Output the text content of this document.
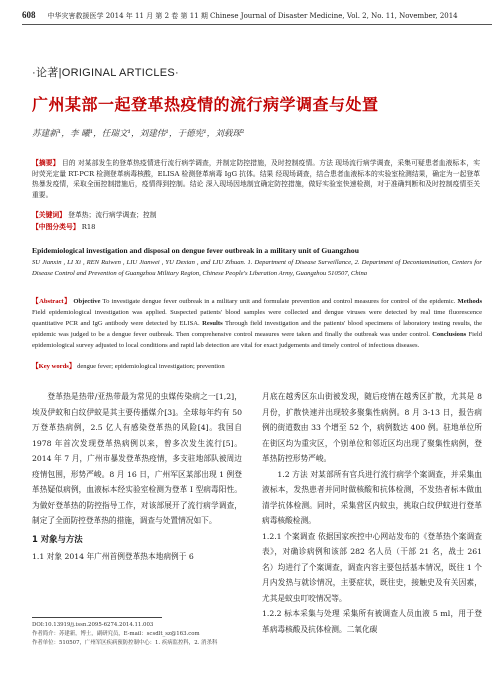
608 中华灾害救援医学 2014 年 11 月 第 2 卷 第 11 期 Chinese Journal of Disaster Medicine, Vol. 2, No. 11, November, 2014
·论著|ORIGINAL ARTICLES·
广州某部一起登革热疫情的流行病学调查与处置
苏建新¹，李 曦¹，任瑞文¹，刘建伟¹，于德宪¹，刘载琛²
【摘要】 目的 对某部发生的登革热疫情进行流行病学调查，并制定防控措施，及时控制疫情。方法 现场流行病学调查，采集可疑患者血液标本，实时荧光定量 RT-PCR 检测登革病毒核酸，ELISA 检测登革病毒 IgG 抗体。结果 经现场调查，结合患者血液标本的实验室检测结果，确定为一起登革热暴发疫情，采取全面控制措施后，疫情得到控制。结论 深入现场因地制宜确定防控措施，做好实验室快速检测，对于准确判断和及时控制疫情至关重要。
【关键词】 登革热；流行病学调查；控制
【中图分类号】 R18
Epidemiological investigation and disposal on dengue fever outbreak in a military unit of Guangzhou
SU Jianxin , LI Xi , REN Ruiwen , LIU Jianwei , YU Dexian , and LIU Zihuan. 1. Department of Disease Surveillance, 2. Department of Decontamination, Centers for Disease Control and Prevention of Guangzhou Military Region, Chinese People's Liberation Army, Guangzhou 510507, China
【Abstract】 Objective To investigate dengue fever outbreak in a military unit and formulate prevention and control measures for control of the epidemic. Methods Field epidemiological investigation was applied. Suspected patients' blood samples were collected and dengue viruses were detected by real time fluorescence quantitative PCR and IgG antibody were detected by ELISA. Results Through field investigation and the patients' blood specimens of laboratory testing results, the epidemic was judged to be a dengue fever outbreak. Then comprehensive control measures were taken and finally the outbreak was under control. Conclusions Field epidemiological survey adjusted to local conditions and rapid lab detection are vital for exact judgements and timely control of infectious diseases.
【Key words】 dengue fever; epidemiological investigation; prevention
登革热是热带/亚热带最为常见的虫媒传染病之一[1,2]，埃及伊蚊和白纹伊蚊是其主要传播媒介[3]。全球每年约有 50 万登革热病例，2.5 亿人有感染登革热的风险[4]。我国自 1978 年首次发现登革热病例以来，曾多次发生流行[5]。2014 年 7 月，广州市暴发登革热疫情，多支驻地部队被周边疫情包围，形势严峻。8 月 16 日，广州军区某部出现 1 例登革热疑似病例，血液标本经实验室检测为登革 I 型病毒阳性。为做好登革热的防控指导工作，对该部展开了流行病学调查，制定了全面防控登革热的措施，调查与处置情况如下。
1 对象与方法
1.1 对象 2014 年广州首例登革热本地病例于 6
月底在越秀区东山街被发现，随后疫情在越秀区扩散，尤其是 8 月份，扩散快速并出现较多聚集性病例。8 月 3-13 日，报告病例的街道数由 33 个增至 52 个，病例数达 400 例。驻地单位所在街区均为重灾区，个别单位和邻近区均出现了聚集性病例，登革热防控形势严峻。
1.2 方法 对某部所有官兵进行流行病学个案调查，并采集血液标本，发热患者并同时做核酸和抗体检测，不发热者标本做血清学抗体检测。同时，采集营区内蚊虫，挑取白纹伊蚊进行登革病毒核酸检测。
1.2.1 个案调查 依据国家疾控中心网站发布的《登革热个案调查表》，对确诊病例和该部 282 名人员（干部 21 名，战士 261 名）均进行了个案调查，调查内容主要包括基本情况，既往 1 个月内发热与就诊情况，主要症状，既往史，接触史及有关因素，尤其是蚊虫叮咬情况等。
1.2.2 标本采集与处理 采集所有被调查人员血液 5 ml，用于登革病毒核酸及抗体检测。二氧化碳
DOI:10.13919/j.issn.2095-6274.2014.11.003
作者简介：苏建新，博士，副研究员，E-mail：scsdlt_sz@163.com
作者单位：510507，广州军区疾病预防控制中心：1. 疾病监控科，2. 消杀科
